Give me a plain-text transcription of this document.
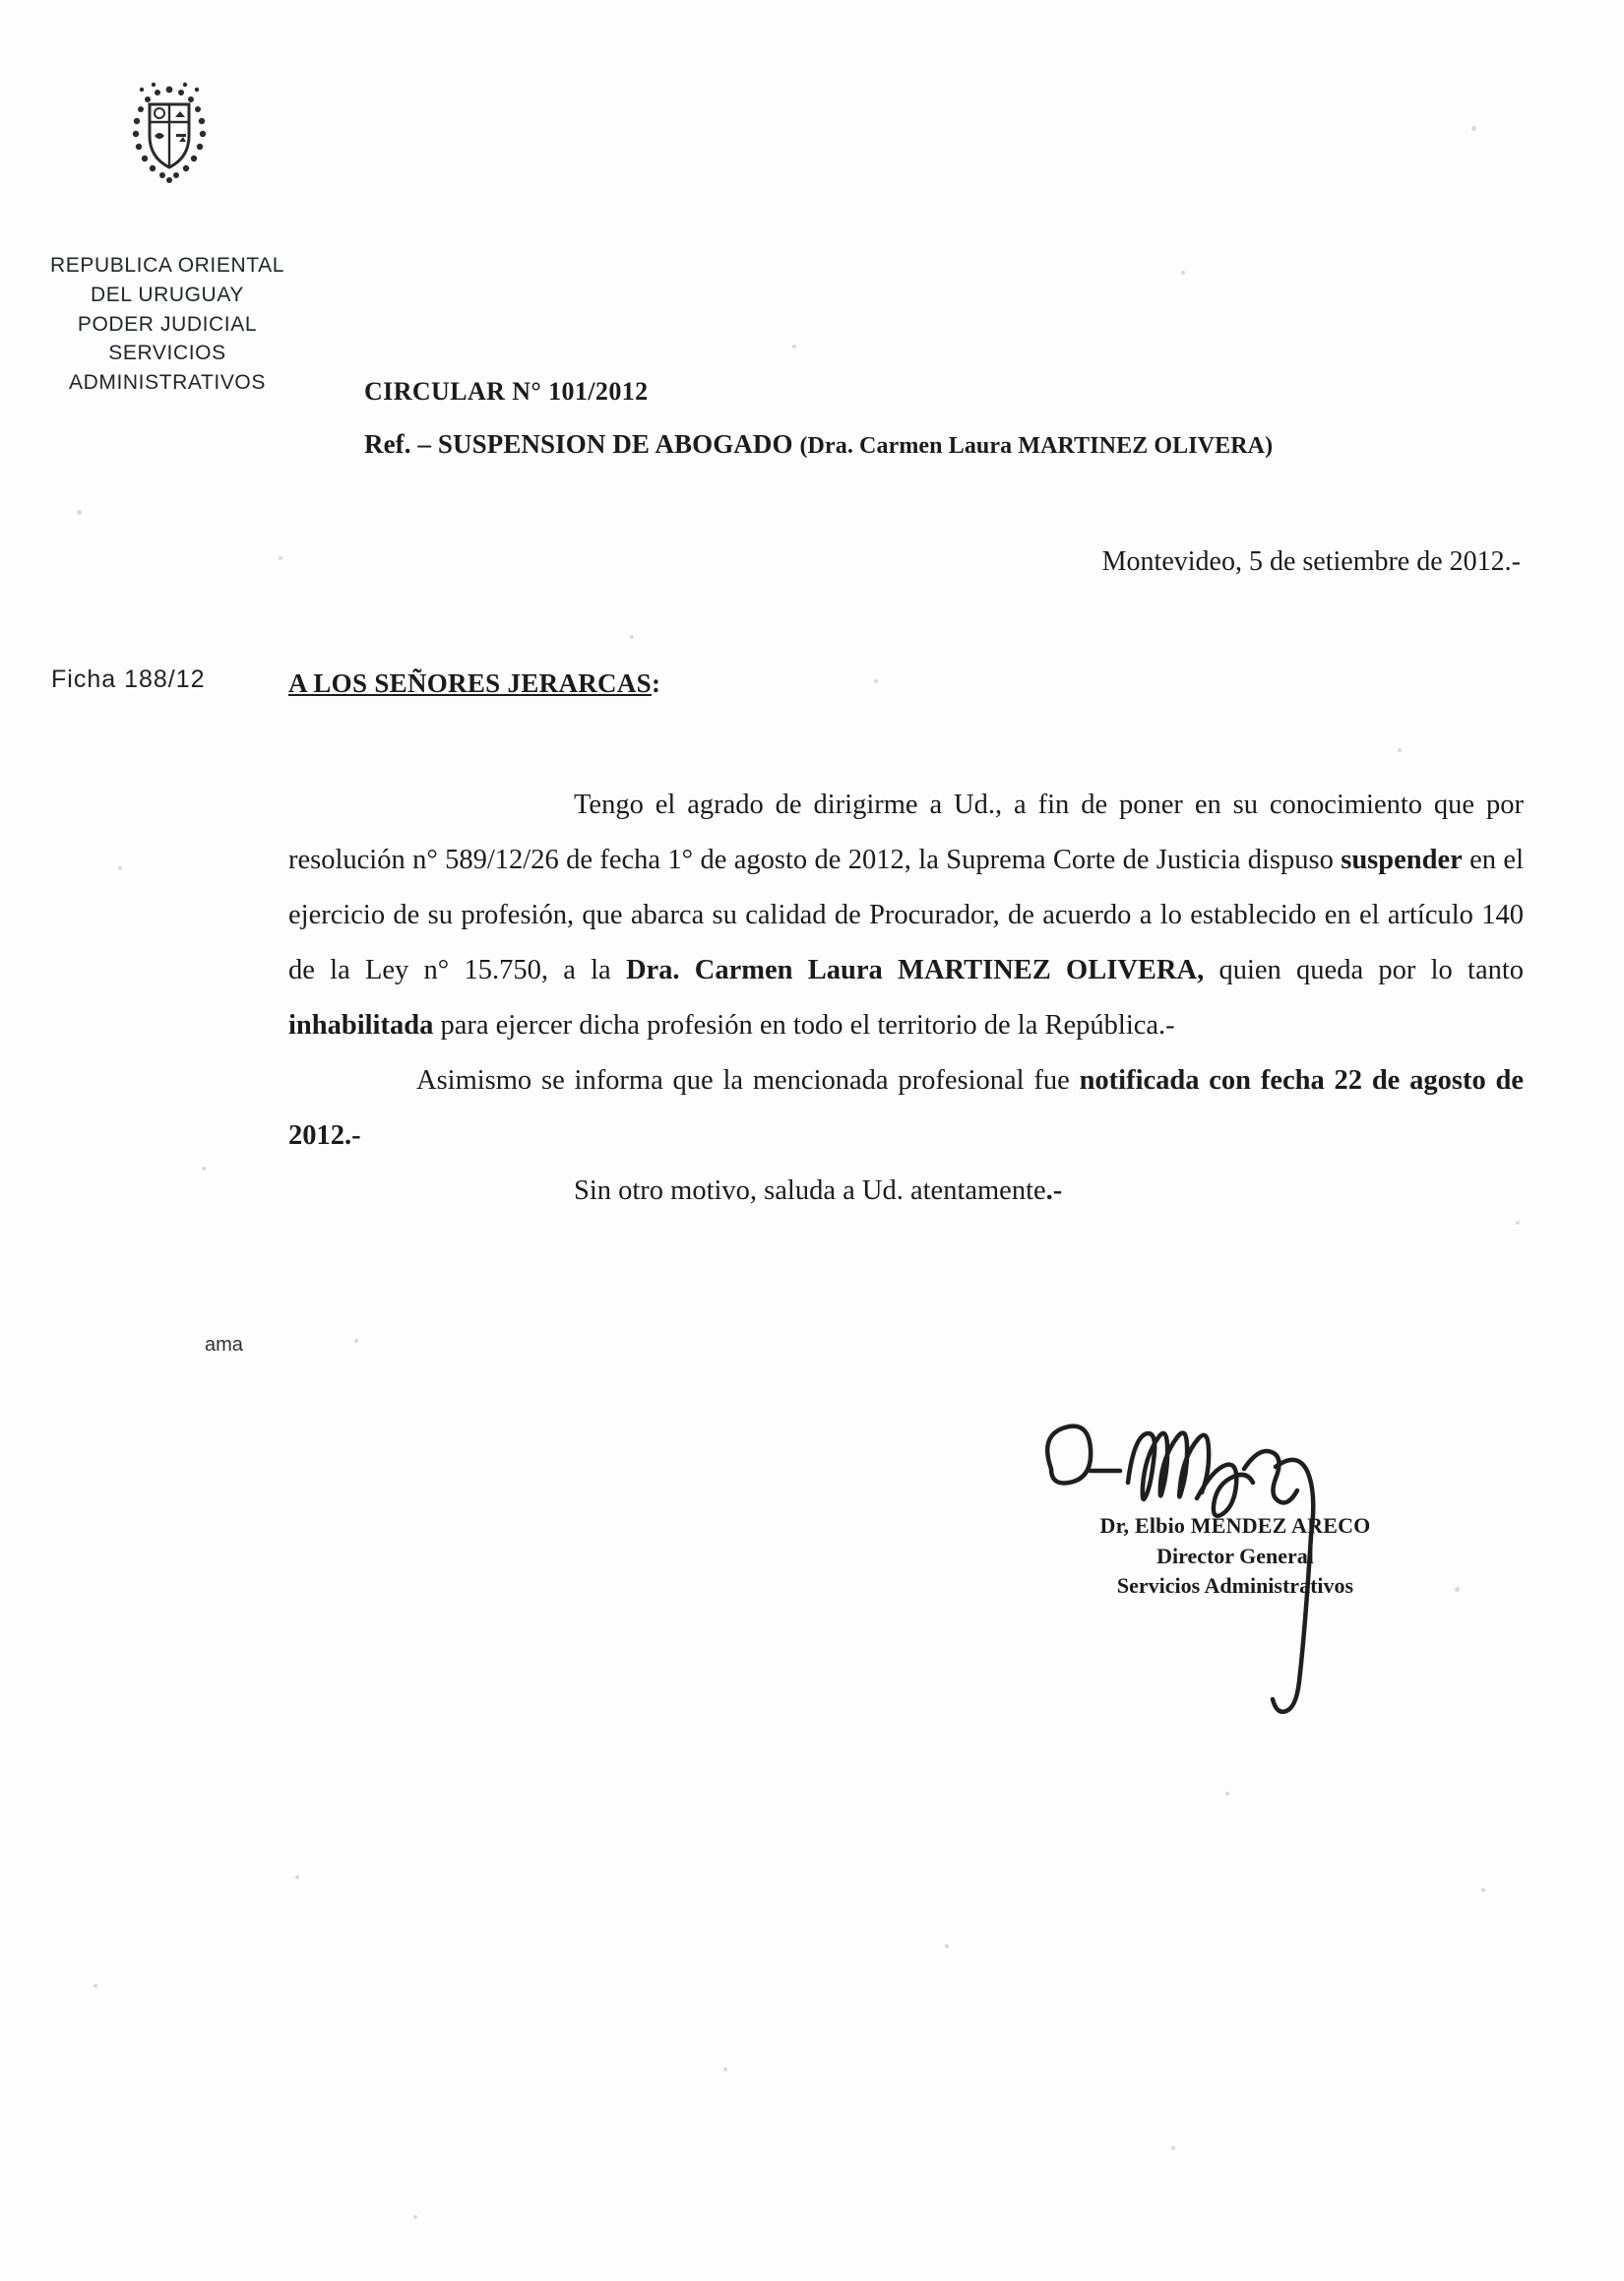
REPUBLICA ORIENTAL
DEL URUGUAY
PODER JUDICIAL
SERVICIOS
ADMINISTRATIVOS	CIRCULAR N° 101/2012
Ref. – SUSPENSION DE ABOGADO (Dra. Carmen Laura MARTINEZ OLIVERA)
Montevideo, 5 de setiembre de 2012.-
Ficha 188/12	A LOS SEÑORES JERARCAS:

Tengo el agrado de dirigirme a Ud., a fin de poner en su conocimiento que por resolución n° 589/12/26 de fecha 1° de agosto de 2012, la Suprema Corte de Justicia dispuso suspender en el ejercicio de su profesión, que abarca su calidad de Procurador, de acuerdo a lo establecido en el artículo 140 de la Ley n° 15.750, a la Dra. Carmen Laura MARTINEZ OLIVERA, quien queda por lo tanto inhabilitada para ejercer dicha profesión en todo el territorio de la República.-

Asimismo se informa que la mencionada profesional fue notificada con fecha 22 de agosto de 2012.-

Sin otro motivo, saluda a Ud. atentamente.-

ama
Dr, Elbio MENDEZ ARECO
Director General
Servicios Administrativos
